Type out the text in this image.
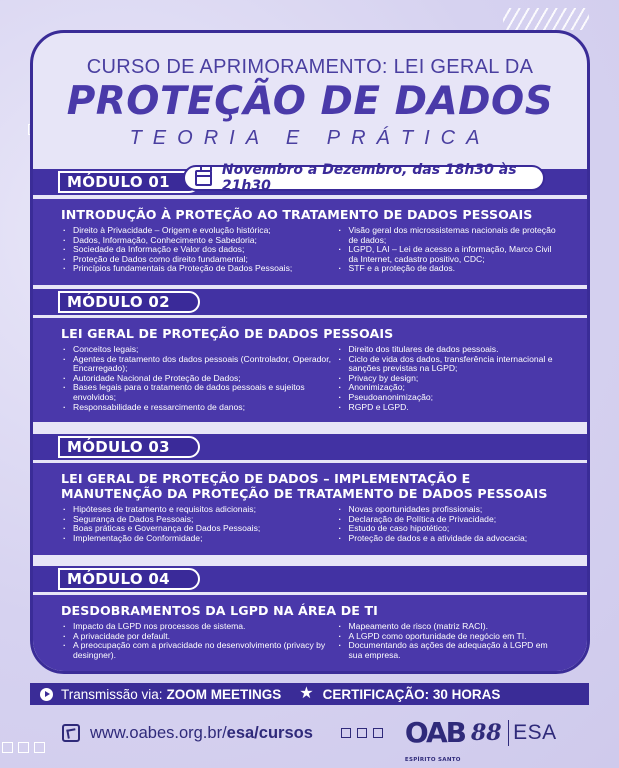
CURSO DE APRIMORAMENTO: LEI GERAL DA
PROTEÇÃO DE DADOS
TEORIA E PRÁTICA
MÓDULO 01
Novembro a Dezembro, das 18h30 às 21h30
INTRODUÇÃO À PROTEÇÃO AO TRATAMENTO DE DADOS PESSOAIS
· Direito à Privacidade – Origem e evolução histórica;
· Dados, Informação, Conhecimento e Sabedoria;
· Sociedade da Informação e Valor dos dados;
· Proteção de Dados como direito fundamental;
· Princípios fundamentais da Proteção de Dados Pessoais;
· Visão geral dos microssistemas nacionais de proteção de dados;
· LGPD, LAI – Lei de acesso a informação, Marco Civil da Internet, cadastro positivo, CDC;
· STF e a proteção de dados.
MÓDULO 02
LEI GERAL DE PROTEÇÃO DE DADOS PESSOAIS
· Conceitos legais;
· Agentes de tratamento dos dados pessoais (Controlador, Operador, Encarregado);
· Autoridade Nacional de Proteção de Dados;
· Bases legais para o tratamento de dados pessoais e sujeitos envolvidos;
· Responsabilidade e ressarcimento de danos;
· Direito dos titulares de dados pessoais.
· Ciclo de vida dos dados, transferência internacional e sanções previstas na LGPD;
· Privacy by design;
· Anonimização;
· Pseudoanonimização;
· RGPD e LGPD.
MÓDULO 03
LEI GERAL DE PROTEÇÃO DE DADOS – IMPLEMENTAÇÃO E MANUTENÇÃO DA PROTEÇÃO DE TRATAMENTO DE DADOS PESSOAIS
· Hipóteses de tratamento e requisitos adicionais;
· Segurança de Dados Pessoais;
· Boas práticas e Governança de Dados Pessoais;
· Implementação de Conformidade;
· Novas oportunidades profissionais;
· Declaração de Política de Privacidade;
· Estudo de caso hipotético;
· Proteção de dados e a atividade da advocacia;
MÓDULO 04
DESDOBRAMENTOS DA LGPD NA ÁREA DE TI
· Impacto da LGPD nos processos de sistema.
· A privacidade por default.
· A preocupação com a privacidade no desenvolvimento (privacy by desingner).
· Mapeamento de risco (matriz RACI).
· A LGPD como oportunidade de negócio em TI.
· Documentando as ações de adequação à LGPD em sua empresa.
Transmissão via: ZOOM MEETINGS ★ CERTIFICAÇÃO: 30 HORAS
www.oabes.org.br/esa/cursos	OAB
ESPÍRITO SANTO
88 ESA
